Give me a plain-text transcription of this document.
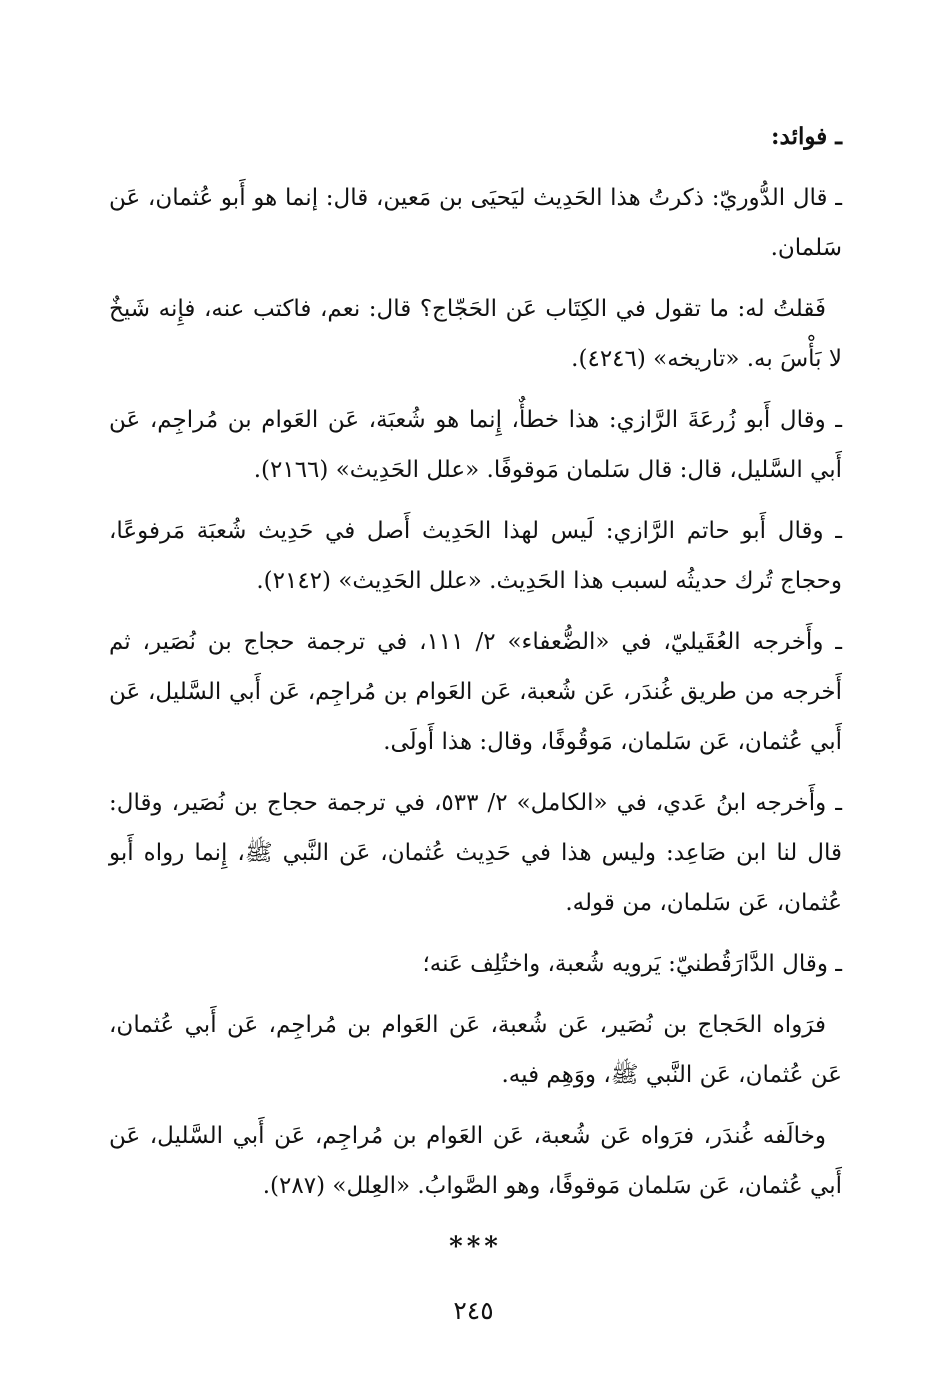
ـ فوائد:

ـ قال الدُّوريّ: ذكرتُ هذا الحَدِيث ليَحيَى بن مَعين، قال: إنما هو أَبو عُثمان، عَن سَلمان.

فَقلتُ له: ما تقول في الكِتَاب عَن الحَجّاج؟ قال: نعم، فاكتب عنه، فإِنه شَيخٌ لا بَأْسَ به. «تاريخه» (٤٢٤٦).

ـ وقال أَبو زُرعَةَ الرَّازي: هذا خطأٌ، إِنما هو شُعبَة، عَن العَوام بن مُراجِم، عَن أَبي السَّليل، قال: قال سَلمان مَوقوفًا. «علل الحَدِيث» (٢١٦٦).

ـ وقال أَبو حاتم الرَّازي: لَيس لهذا الحَدِيث أَصل في حَدِيث شُعبَة مَرفوعًا، وحجاج تُرك حديثُه لسبب هذا الحَدِيث. «علل الحَدِيث» (٢١٤٢).

ـ وأَخرجه العُقَيليّ، في «الضُّعفاء» ٢/ ١١١، في ترجمة حجاج بن نُصَير، ثم أَخرجه من طريق غُندَر، عَن شُعبة، عَن العَوام بن مُراجِم، عَن أَبي السَّليل، عَن أَبي عُثمان، عَن سَلمان، مَوقُوفًا، وقال: هذا أَولَى.

ـ وأَخرجه ابنُ عَدي، في «الكامل» ٢/ ٥٣٣، في ترجمة حجاج بن نُصَير، وقال: قال لنا ابن صَاعِد: وليس هذا في حَدِيث عُثمان، عَن النَّبي ﷺ، إِنما رواه أَبو عُثمان، عَن سَلمان، من قوله.

ـ وقال الدَّارَقُطنيّ: يَرويه شُعبة، واختُلِف عَنه؛

فرَواه الحَجاج بن نُصَير، عَن شُعبة، عَن العَوام بن مُراجِم، عَن أَبي عُثمان، عَن عُثمان، عَن النَّبي ﷺ، ووَهِم فيه.

وخالَفه غُندَر، فرَواه عَن شُعبة، عَن العَوام بن مُراجِم، عَن أَبي السَّليل، عَن أَبي عُثمان، عَن سَلمان مَوقوفًا، وهو الصَّوابُ. «العِلل» (٢٨٧).

***

٢٤٥
